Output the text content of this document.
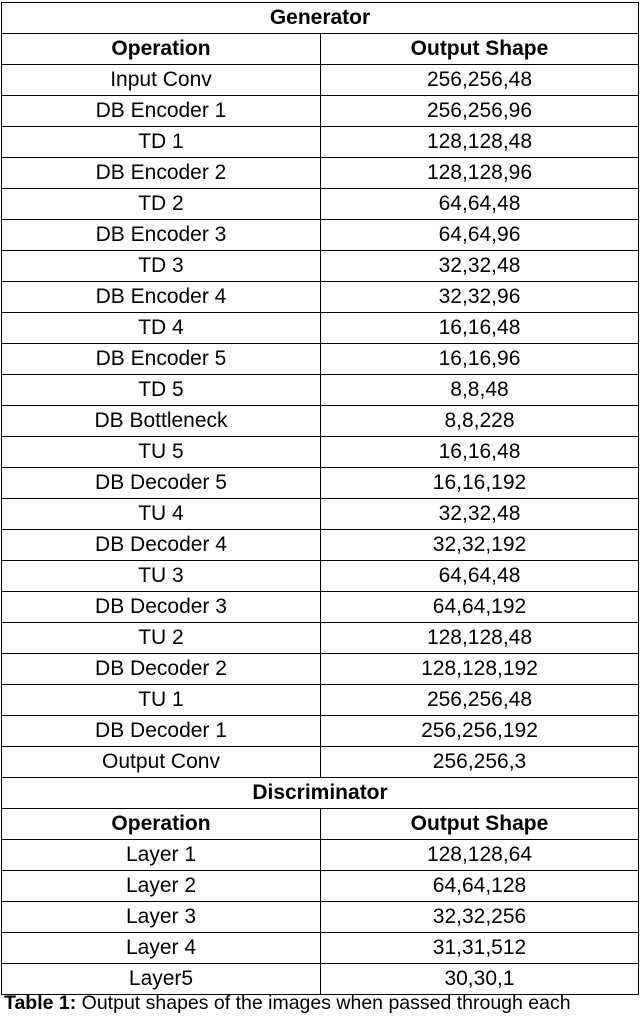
Generator	
Operation	Output Shape
Input Conv	256,256,48
DB Encoder 1	256,256,96
TD 1	128,128,48
DB Encoder 2	128,128,96
TD 2	64,64,48
DB Encoder 3	64,64,96
TD 3	32,32,48
DB Encoder 4	32,32,96
TD 4	16,16,48
DB Encoder 5	16,16,96
TD 5	8,8,48
DB Bottleneck	8,8,228
TU 5	16,16,48
DB Decoder 5	16,16,192
TU 4	32,32,48
DB Decoder 4	32,32,192
TU 3	64,64,48
DB Decoder 3	64,64,192
TU 2	128,128,48
DB Decoder 2	128,128,192
TU 1	256,256,48
DB Decoder 1	256,256,192
Output Conv	256,256,3
Discriminator	
Operation	Output Shape
Layer 1	128,128,64
Layer 2	64,64,128
Layer 3	32,32,256
Layer 4	31,31,512
Layer5	30,30,1
Table 1: Output shapes of the images when passed through each
